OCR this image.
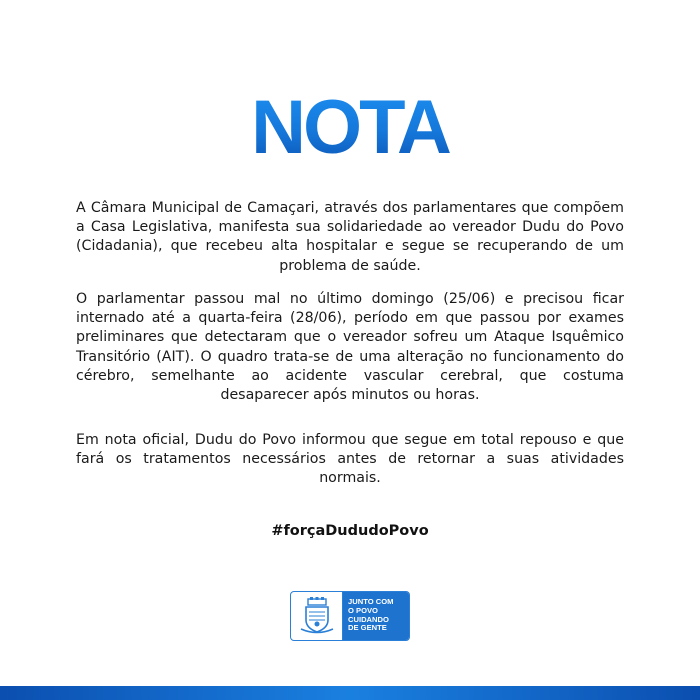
NOTA

A Câmara Municipal de Camaçari, através dos parlamentares que compõem a Casa Legislativa, manifesta sua solidariedade ao vereador Dudu do Povo (Cidadania), que recebeu alta hospitalar e segue se recuperando de um problema de saúde.

O parlamentar passou mal no último domingo (25/06) e precisou ficar internado até a quarta-feira (28/06), período em que passou por exames preliminares que detectaram que o vereador sofreu um Ataque Isquêmico Transitório (AIT). O quadro trata-se de uma alteração no funcionamento do cérebro, semelhante ao acidente vascular cerebral, que costuma desaparecer após minutos ou horas.

Em nota oficial, Dudu do Povo informou que segue em total repouso e que fará os tratamentos necessários antes de retornar a suas atividades normais.

#forçaDududoPovo
JUNTO COM
O POVO
CUIDANDO
DE GENTE
